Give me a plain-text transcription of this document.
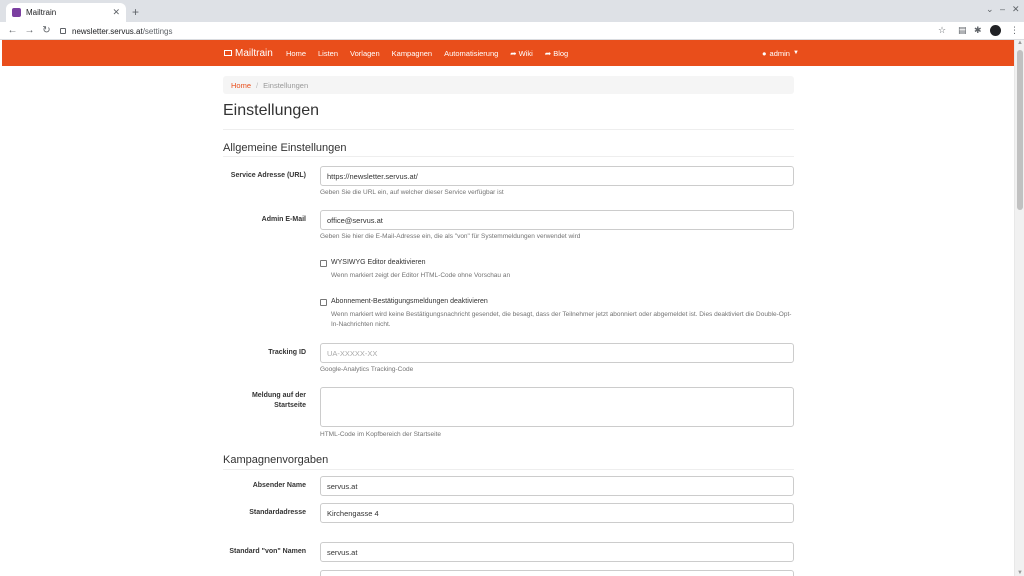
Mailtrain	✕ +	⌄ – ✕
← → ↻	newsletter.servus.at /settings	☆ ▤ ✱	⋮
Mailtrain Home Listen Vorlagen Kampagnen Automatisierung ➦ Wiki ➦ Blog	● admin ▼
Home / Einstellungen
Einstellungen
Allgemeine Einstellungen
Service Adresse (URL)	https://newsletter.servus.at/
Geben Sie die URL ein, auf welcher dieser Service verfügbar ist
Admin E-Mail	office@servus.at
Geben Sie hier die E-Mail-Adresse ein, die als "von" für Systemmeldungen verwendet wird
WYSIWYG Editor deaktivieren
Wenn markiert zeigt der Editor HTML-Code ohne Vorschau an
Abonnement-Bestätigungsmeldungen deaktivieren
Wenn markiert wird keine Bestätigungsnachricht gesendet, die besagt, dass der Teilnehmer jetzt abonniert oder abgemeldet ist. Dies deaktiviert die Double-Opt-In-Nachrichten nicht.
Tracking ID	UA-XXXXX-XX
Google-Analytics Tracking-Code
Meldung auf der Startseite
HTML-Code im Kopfbereich der Startseite
Kampagnenvorgaben
Absender Name	servus.at
Standardadresse	Kirchengasse 4
Standard "von" Namen	servus.at
▲
▼
